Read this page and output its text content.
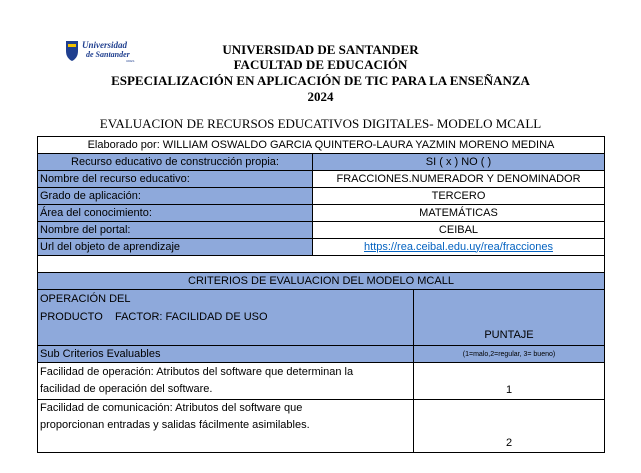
Universidad
de Santander
UDES
UNIVERSIDAD DE SANTANDER
FACULTAD DE EDUCACIÓN
ESPECIALIZACIÓN EN APLICACIÓN DE TIC PARA LA ENSEÑANZA
2024
EVALUACION DE RECURSOS EDUCATIVOS DIGITALES- MODELO MCALL
Elaborado por: WILLIAM OSWALDO GARCIA QUINTERO-LAURA YAZMIN MORENO MEDINA		
Recurso educativo de construcción propia:	SI ( x ) NO ( )	
Nombre del recurso educativo:	FRACCIONES.NUMERADOR Y DENOMINADOR	
Grado de aplicación:	TERCERO	
Área del conocimiento:	MATEMÁTICAS	
Nombre del portal:	CEIBAL	
Url del objeto de aprendizaje	https://rea.ceibal.edu.uy/rea/fracciones	

CRITERIOS DE EVALUACION DEL MODELO MCALL		

OPERACIÓN DEL
PRODUCTO    FACTOR: FACILIDAD DE USO		PUNTAJE
Sub Criterios Evaluables		(1=malo,2=regular, 3= bueno)

Facilidad de operación: Atributos del software que determinan la
facilidad de operación del software.		1

Facilidad de comunicación: Atributos del software que
proporcionan entradas y salidas fácilmente asimilables.		2
